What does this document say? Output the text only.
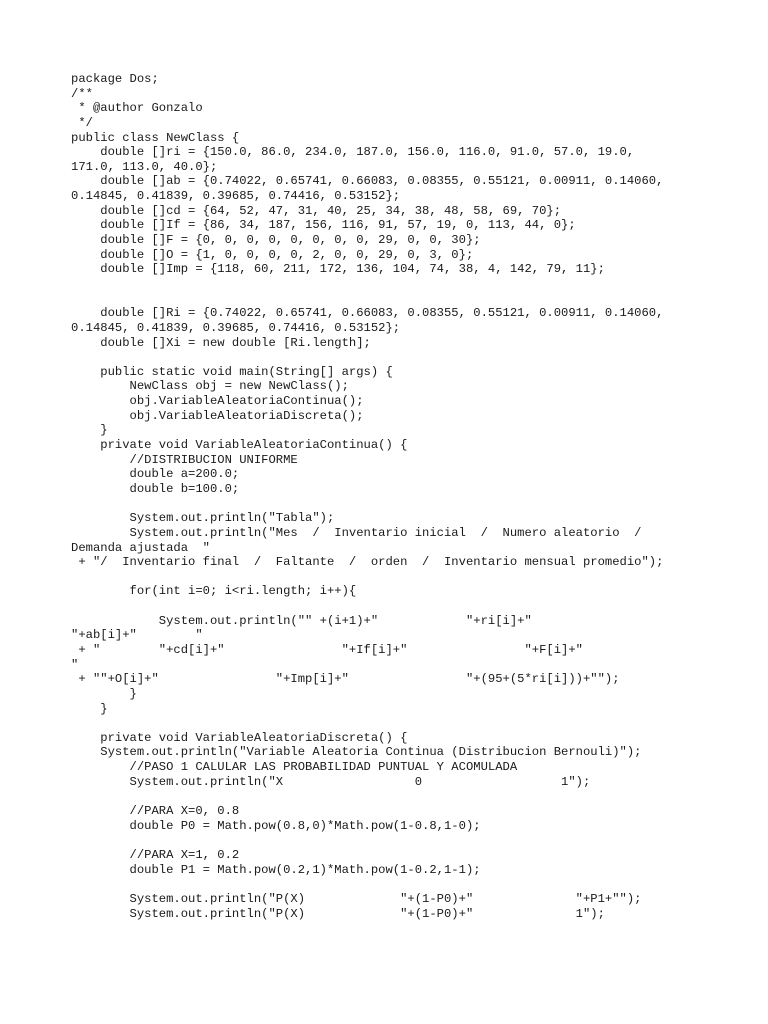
package Dos;
/**
* @author Gonzalo
*/
public class NewClass {
double []ri = {150.0, 86.0, 234.0, 187.0, 156.0, 116.0, 91.0, 57.0, 19.0,
171.0, 113.0, 40.0};
double []ab = {0.74022, 0.65741, 0.66083, 0.08355, 0.55121, 0.00911, 0.14060,
0.14845, 0.41839, 0.39685, 0.74416, 0.53152};
double []cd = {64, 52, 47, 31, 40, 25, 34, 38, 48, 58, 69, 70};
double []If = {86, 34, 187, 156, 116, 91, 57, 19, 0, 113, 44, 0};
double []F = {0, 0, 0, 0, 0, 0, 0, 0, 29, 0, 0, 30};
double []O = {1, 0, 0, 0, 0, 2, 0, 0, 29, 0, 3, 0};
double []Imp = {118, 60, 211, 172, 136, 104, 74, 38, 4, 142, 79, 11};
double []Ri = {0.74022, 0.65741, 0.66083, 0.08355, 0.55121, 0.00911, 0.14060,
0.14845, 0.41839, 0.39685, 0.74416, 0.53152};
double []Xi = new double [Ri.length];
public static void main(String[] args) {
NewClass obj = new NewClass();
obj.VariableAleatoriaContinua();
obj.VariableAleatoriaDiscreta();
}
private void VariableAleatoriaContinua() {
//DISTRIBUCION UNIFORME
double a=200.0;
double b=100.0;
System.out.println("Tabla");
System.out.println("Mes  /  Inventario inicial  /  Numero aleatorio  /
Demanda ajustada  "
+ "/  Inventario final  /  Faltante  /  orden  /  Inventario mensual promedio");
for(int i=0; i<ri.length; i++){
System.out.println("" +(i+1)+"            "+ri[i]+"
"+ab[i]+"        "
+ "        "+cd[i]+"                "+If[i]+"                "+F[i]+"
"
+ ""+O[i]+"                "+Imp[i]+"                "+(95+(5*ri[i]))+"");
}
}
private void VariableAleatoriaDiscreta() {
System.out.println("Variable Aleatoria Continua (Distribucion Bernouli)");
//PASO 1 CALULAR LAS PROBABILIDAD PUNTUAL Y ACOMULADA
System.out.println("X                  0                   1");
//PARA X=0, 0.8
double P0 = Math.pow(0.8,0)*Math.pow(1-0.8,1-0);
//PARA X=1, 0.2
double P1 = Math.pow(0.2,1)*Math.pow(1-0.2,1-1);
System.out.println("P(X)             "+(1-P0)+"              "+P1+"");
System.out.println("P(X)             "+(1-P0)+"              1");
